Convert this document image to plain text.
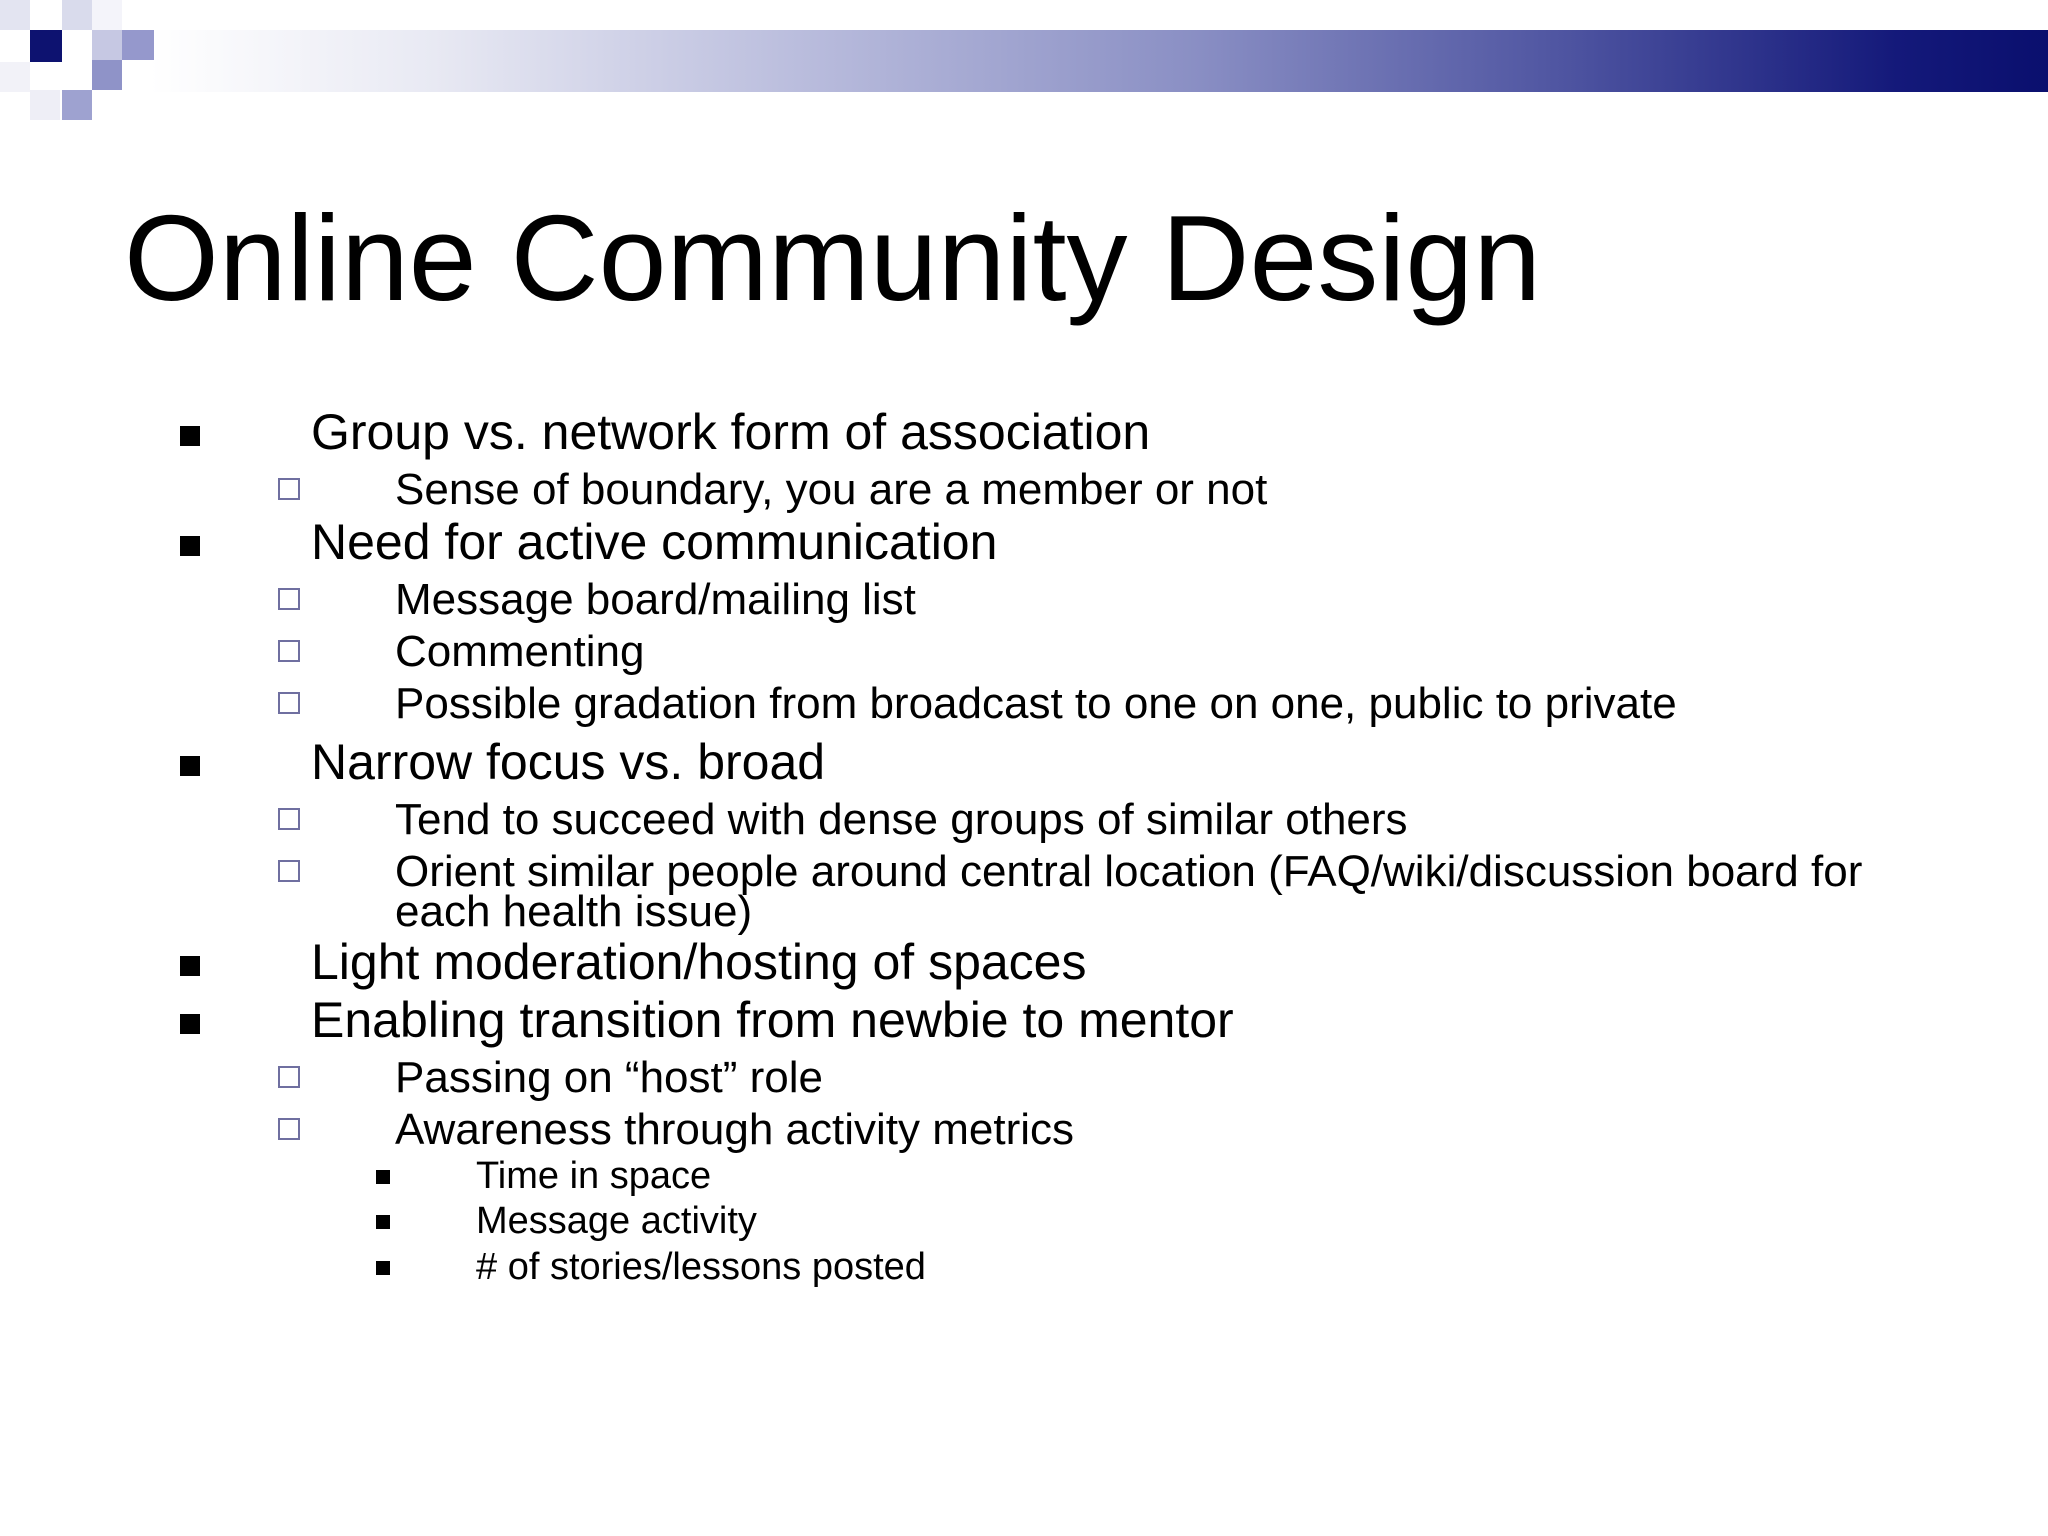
Online Community Design
Group vs. network form of association
Sense of boundary, you are a member or not
Need for active communication
Message board/mailing list
Commenting
Possible gradation from broadcast to one on one, public to private
Narrow focus vs. broad
Tend to succeed with dense groups of similar others
Orient similar people around central location (FAQ/wiki/discussion board for
each health issue)
Light moderation/hosting of spaces
Enabling transition from newbie to mentor
Passing on “host” role
Awareness through activity metrics
Time in space
Message activity
# of stories/lessons posted
